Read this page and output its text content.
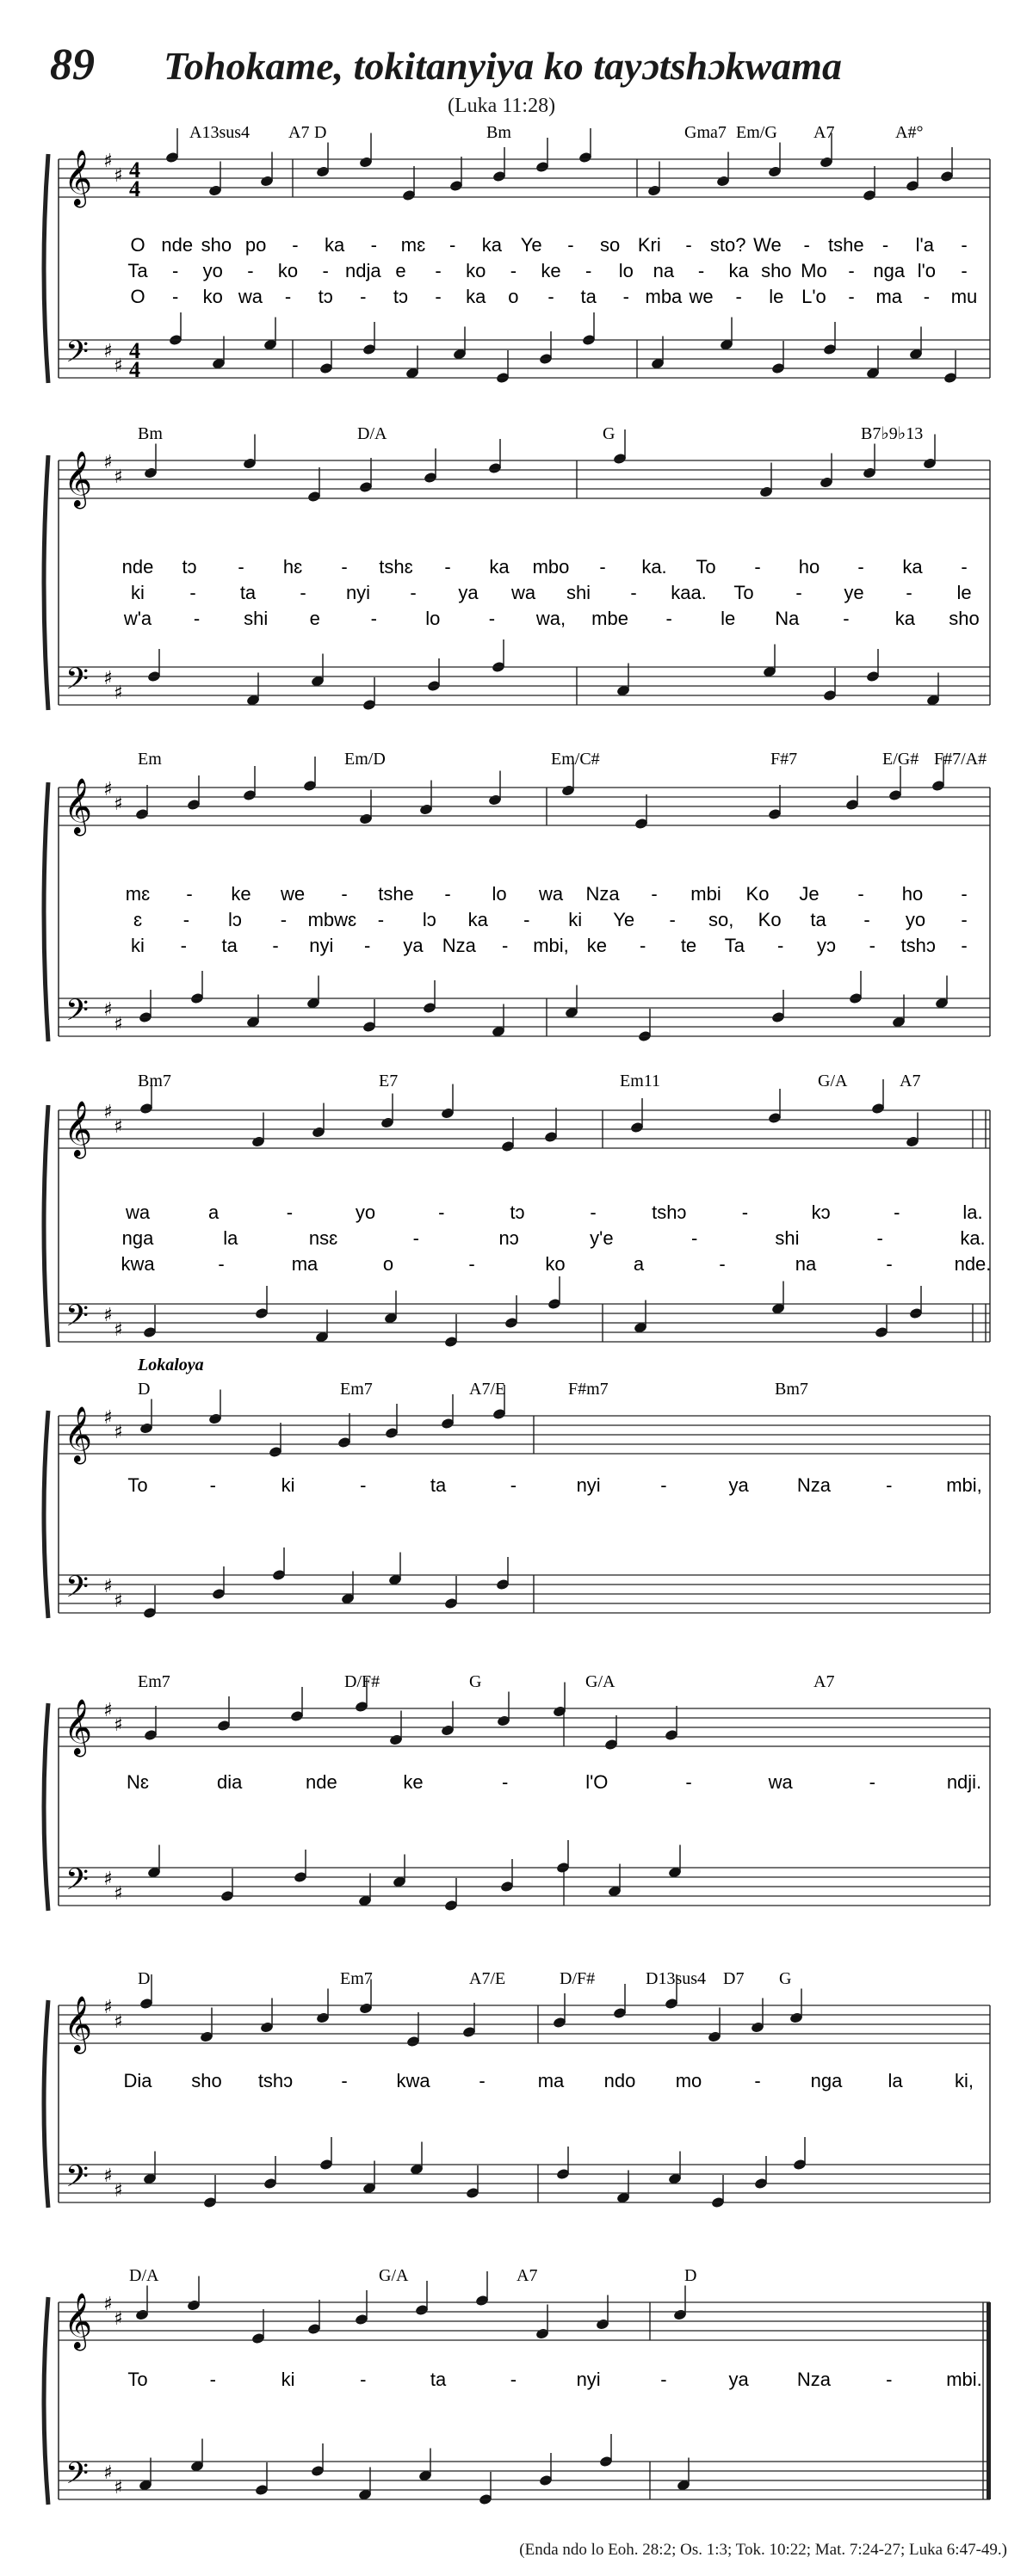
89 Tohokame, tokitanyiya ko tayɔtshɔkwama
(Luka 11:28)
𝄞
𝄢
♯
♯
♯
♯
4
4
4
4
A13sus4 A7 D	Bm	Gma7 Em/G A7	A#°
O nde sho po - ka - mɛ - ka Ye - so Kri - sto? We - tshe - l'a -
Ta - yo - ko - ndja e - ko - ke - lo na - ka sho Mo - nga l'o -
O - ko wa - tɔ - tɔ - ka o - ta - mba we - le L'o - ma - mu
𝄞
𝄢
♯
♯
♯
♯
Bm	D/A	G	B7♭9♭13
nde tɔ - hɛ - tshɛ - ka mbo - ka. To - ho - ka -
ki - ta - nyi - ya wa shi - kaa. To - ye - le
w'a - shi e	-	lo	- wa, mbe -	le Na - ka sho
𝄞
𝄢
♯
♯
♯
♯
Em	Em/D	Em/C#	F#7	E/G# F#7/A#
mɛ - ke we - tshe - lo wa Nza - mbi Ko Je - ho -
ɛ - lɔ - mbwɛ - lɔ ka - ki Ye - so, Ko ta - yo -
ki - ta - nyi - ya Nza - mbi, ke - te Ta - yɔ - tshɔ -
𝄞
𝄢
♯
♯
♯
♯
Bm7	E7	Em11	G/A	A7
wa	a	-	yo	-	tɔ	-	tshɔ	-	kɔ	-	la.
nga	la	nsɛ	-	nɔ	y'e	-	shi	-	ka.
kwa	-	ma	o	-	ko	a	-	na	-	nde.
𝄞
𝄢
♯
♯
♯
♯
D	Em7	A7/E	F#m7	Bm7
Lokaloya
To	-	ki	-	ta	-	nyi	-	ya	Nza	-	mbi,
𝄞
𝄢
♯
♯
♯
♯
Em7	D/F#	G	G/A	A7
Nɛ	dia	nde	ke	-	l'O	-	wa	-	ndji.
𝄞
𝄢
♯
♯
♯
♯
D	Em7	A7/E	D/F#	D13sus4 D7 G
Dia sho tshɔ	-	kwa	-	ma ndo mo	-	nga la	ki,
𝄞
𝄢
♯
♯
♯
♯
D/A	G/A	A7	D
To	-	ki	-	ta	-	nyi	-	ya	Nza	-	mbi.
(Enda ndo lo Eoh. 28:2; Os. 1:3; Tok. 10:22; Mat. 7:24-27; Luka 6:47-49.)
